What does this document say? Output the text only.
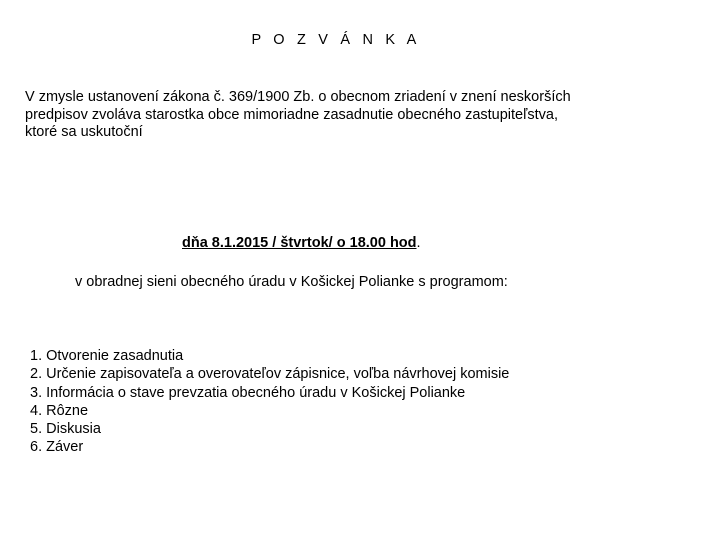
P O Z V Á N K A
V zmysle ustanovení zákona č. 369/1900 Zb. o obecnom zriadení v znení neskorších
predpisov zvoláva starostka obce mimoriadne zasadnutie obecného zastupiteľstva,
ktoré sa uskutoční
dňa 8.1.2015 / štvrtok/ o 18.00 hod.
v obradnej sieni obecného úradu v Košickej Polianke s programom:
1. Otvorenie zasadnutia
2. Určenie zapisovateľa a overovateľov zápisnice, voľba návrhovej komisie
3. Informácia o stave prevzatia obecného úradu v Košickej Polianke
4. Rôzne
5. Diskusia
6. Záver
